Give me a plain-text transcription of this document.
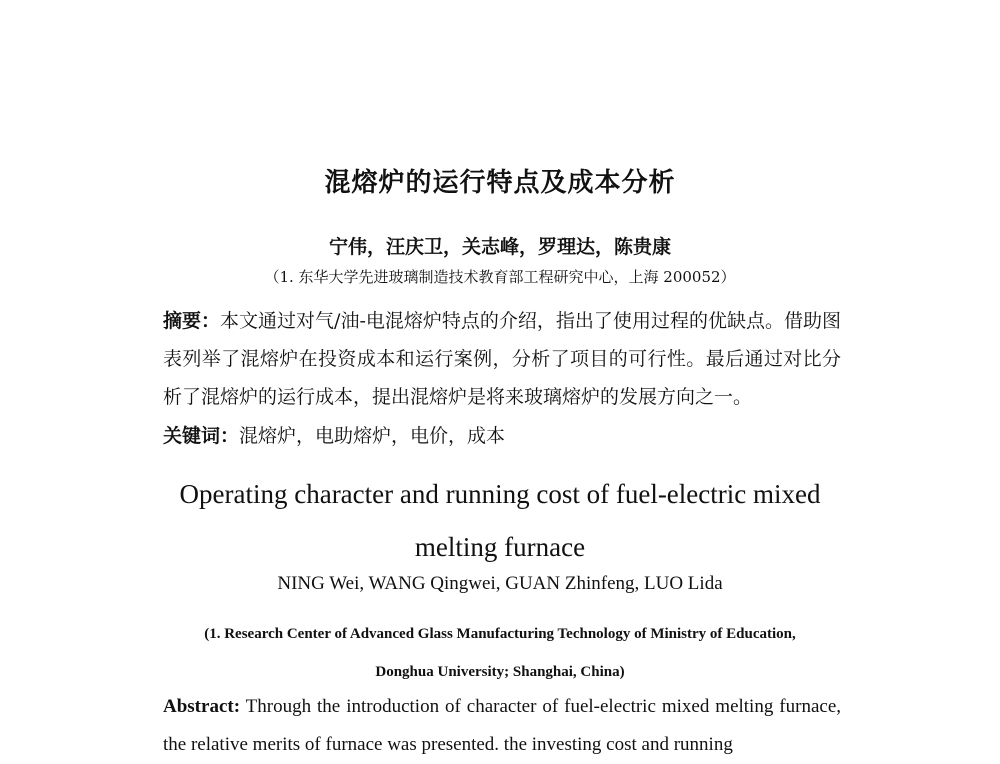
混熔炉的运行特点及成本分析
宁伟，汪庆卫，关志峰，罗理达，陈贵康
（1. 东华大学先进玻璃制造技术教育部工程研究中心，上海 200052）
摘要：本文通过对气/油-电混熔炉特点的介绍，指出了使用过程的优缺点。借助图表列举了混熔炉在投资成本和运行案例，分析了项目的可行性。最后通过对比分析了混熔炉的运行成本，提出混熔炉是将来玻璃熔炉的发展方向之一。
关键词：混熔炉，电助熔炉，电价，成本
Operating character and running cost of fuel-electric mixed
melting furnace
NING Wei, WANG Qingwei, GUAN Zhinfeng, LUO Lida
(1. Research Center of Advanced Glass Manufacturing Technology of Ministry of Education,
Donghua University; Shanghai, China)
Abstract: Through the introduction of character of fuel-electric mixed melting furnace, the relative merits of furnace was presented. the investing cost and running
